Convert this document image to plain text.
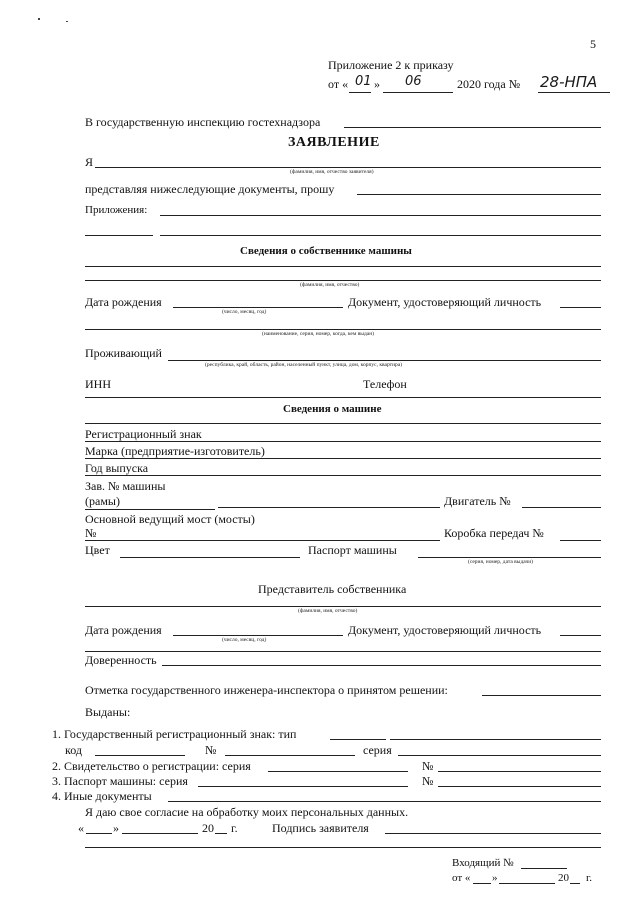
5
Приложение 2 к приказу
от « 01 » 06	2020 года № 28-НПА
В государственную инспекцию гостехнадзора
ЗАЯВЛЕНИЕ
Я
(фамилия, имя, отчество заявителя)
представляя нижеследующие документы, прошу
Приложения:
Сведения о собственнике машины
(фамилия, имя, отчество)
Дата рождения	Документ, удостоверяющий личность
(число, месяц, год)
(наименование, серия, номер, когда, кем выдан)
Проживающий
(республика, край, область, район, населенный пункт, улица, дом, корпус, квартира)
ИНН	Телефон
Сведения о машине
Регистрационный знак
Марка (предприятие-изготовитель)
Год выпуска
Зав. № машины
(рамы)	Двигатель №
Основной ведущий мост (мосты)
№	Коробка передач №
Цвет	Паспорт машины
(серия, номер, дата выдачи)
Представитель собственника
(фамилия, имя, отчество)
Дата рождения	Документ, удостоверяющий личность
(число, месяц, год)
Доверенность
Отметка государственного инженера-инспектора о принятом решении:
Выданы:
1. Государственный регистрационный знак: тип
код	№	серия
2. Свидетельство о регистрации: серия	№
3. Паспорт машины: серия	№
4. Иные документы
Я даю свое согласие на обработку моих персональных данных.
« »	20 г.	Подпись заявителя
Входящий №
от « »	20 г.
